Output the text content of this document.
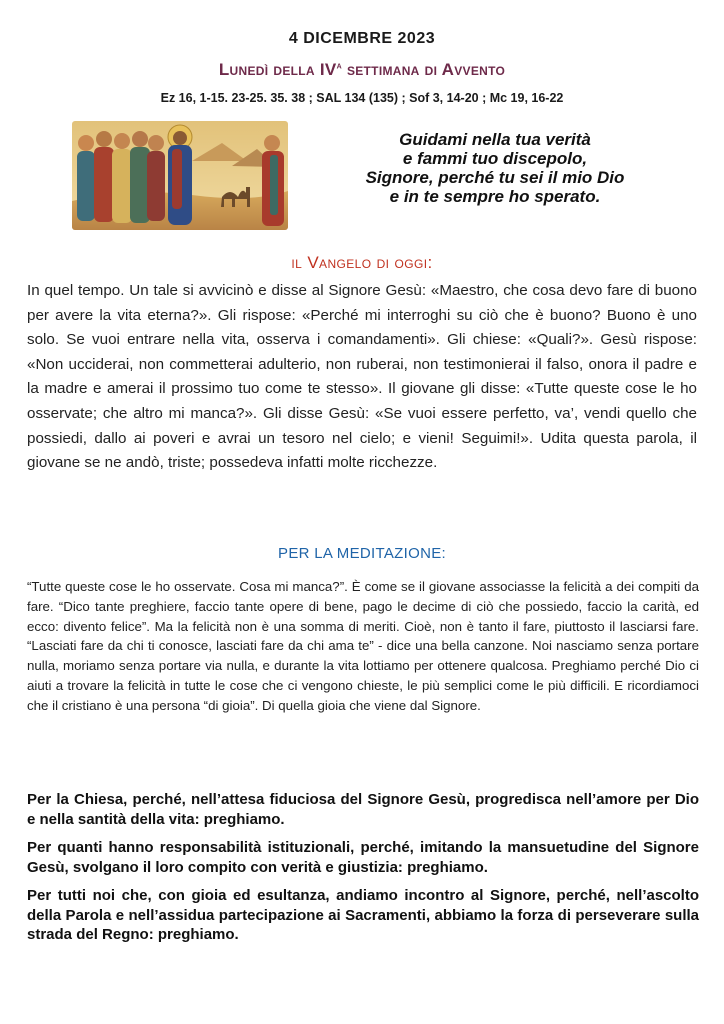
4 DICEMBRE 2023
Lunedì della $IV^a$ settimana di Avvento
Ez 16, 1-15. 23-25. 35. 38 ; SAL 134 (135) ; Sof 3, 14-20 ; Mc 19, 16-22
Guidami nella tua verità
e fammi tuo discepolo,
Signore, perché tu sei il mio Dio
e in te sempre ho sperato.
il Vangelo di oggi:
In quel tempo. Un tale si avvicinò e disse al Signore Gesù: «Maestro, che cosa devo fare di buono per avere la vita eterna?». Gli rispose: «Perché mi interroghi su ciò che è buono? Buono è uno solo. Se vuoi entrare nella vita, osserva i comandamenti». Gli chiese: «Quali?». Gesù rispose: «Non ucciderai, non commetterai adulterio, non ruberai, non testimonierai il falso, onora il padre e la madre e amerai il prossimo tuo come te stesso». Il giovane gli disse: «Tutte queste cose le ho osservate; che altro mi manca?». Gli disse Gesù: «Se vuoi essere perfetto, va’, vendi quello che possiedi, dallo ai poveri e avrai un tesoro nel cielo; e vieni! Seguimi!». Udita questa parola, il giovane se ne andò, triste; possedeva infatti molte ricchezze.
PER LA MEDITAZIONE:
“Tutte queste cose le ho osservate. Cosa mi manca?”. È come se il giovane associasse la felicità a dei compiti da fare. “Dico tante preghiere, faccio tante opere di bene, pago le decime di ciò che possiedo, faccio la carità, ed ecco: divento felice”. Ma la felicità non è una somma di meriti. Cioè, non è tanto il fare, piuttosto il lasciarsi fare. “Lasciati fare da chi ti conosce, lasciati fare da chi ama te” - dice una bella canzone. Noi nasciamo senza portare nulla, moriamo senza portare via nulla, e durante la vita lottiamo per ottenere qualcosa. Preghiamo perché Dio ci aiuti a trovare la felicità in tutte le cose che ci vengono chieste, le più semplici come le più difficili. E ricordiamoci che il cristiano è una persona “di gioia”. Di quella gioia che viene dal Signore.

Per la Chiesa, perché, nell’attesa fiduciosa del Signore Gesù, progredisca nell’amore per Dio e nella santità della vita: preghiamo.

Per quanti hanno responsabilità istituzionali, perché, imitando la mansuetudine del Signore Gesù, svolgano il loro compito con verità e giustizia: preghiamo.

Per tutti noi che, con gioia ed esultanza, andiamo incontro al Signore, perché, nell’ascolto della Parola e nell’assidua partecipazione ai Sacramenti, abbiamo la forza di perseverare sulla strada del Regno: preghiamo.
